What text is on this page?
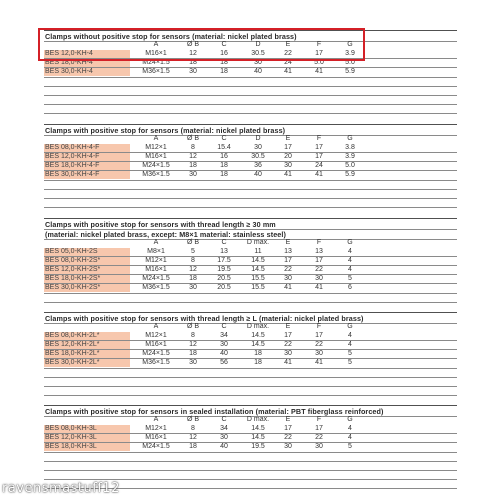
Clamps without positive stop for sensors (material: nickel plated brass)
A	Ø B	C	D	E	F	G
BES 12,0-KH-4	M16×1	12	16	30.5	22	17	3.9
BES 18,0-KH-4	M24×1.5	18	18	30	24	5.0	5.0
BES 30,0-KH-4	M36×1.5	30	18	40	41	41	5.9
Clamps with positive stop for sensors (material: nickel plated brass)
A	Ø B	C	D	E	F	G
BES 08,0-KH-4-F	M12×1	8	15.4	30	17	17	3.8
BES 12,0-KH-4-F	M16×1	12	16	30.5	20	17	3.9
BES 18,0-KH-4-F	M24×1.5	18	18	36	30	24	5.0
BES 30,0-KH-4-F	M36×1.5	30	18	40	41	41	5.9
Clamps with positive stop for sensors with thread length ≥ 30 mm
(material: nickel plated brass, except: M8×1 material: stainless steel)
A	Ø B	C	D max.	E	F	G
BES 05,0-KH-2S	M8×1	5	13	11	13	13	4
BES 08,0-KH-2S*	M12×1	8	17.5	14.5	17	17	4
BES 12,0-KH-2S*	M16×1	12	19.5	14.5	22	22	4
BES 18,0-KH-2S*	M24×1.5	18	20.5	15.5	30	30	5
BES 30,0-KH-2S*	M36×1.5	30	20.5	15.5	41	41	6
Clamps with positive stop for sensors with thread length ≥ L (material: nickel plated brass)
A	Ø B	C	D max.	E	F	G
BES 08,0-KH-2L*	M12×1	8	34	14.5	17	17	4
BES 12,0-KH-2L*	M16×1	12	30	14.5	22	22	4
BES 18,0-KH-2L*	M24×1.5	18	40	18	30	30	5
BES 30,0-KH-2L*	M36×1.5	30	56	18	41	41	5
Clamps with positive stop for sensors in sealed installation (material: PBT fiberglass reinforced)
A	Ø B	C	D max.	E	F	G
BES 08,0-KH-3L	M12×1	8	34	14.5	17	17	4
BES 12,0-KH-3L	M16×1	12	30	14.5	22	22	4
BES 18,0-KH-3L	M24×1.5	18	40	19.5	30	30	5
ravensmastuff12
